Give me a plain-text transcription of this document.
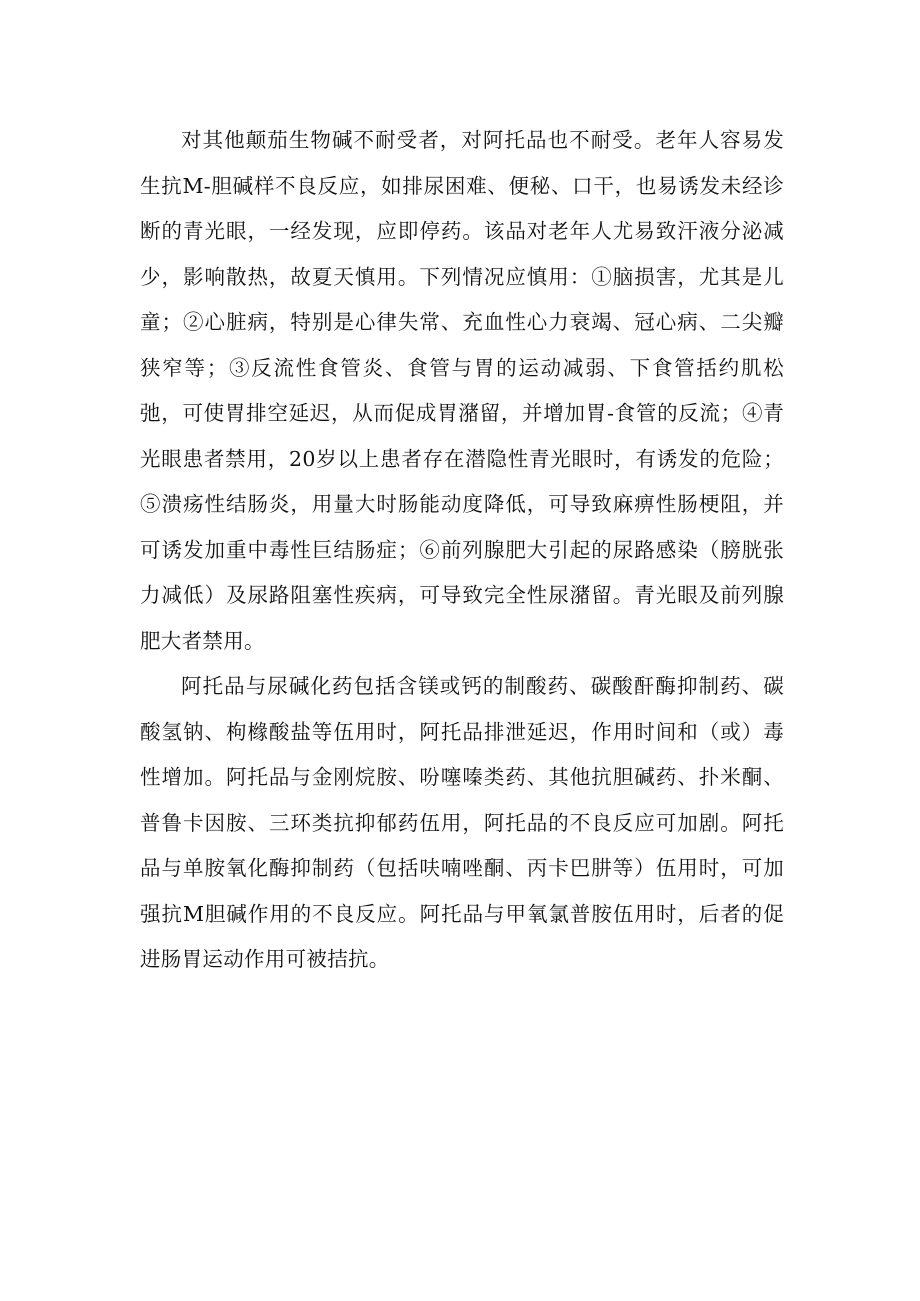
对其他颠茄生物碱不耐受者，对阿托品也不耐受。老年人容易发生抗M-胆碱样不良反应，如排尿困难、便秘、口干，也易诱发未经诊断的青光眼，一经发现，应即停药。该品对老年人尤易致汗液分泌减少，影响散热，故夏天慎用。下列情况应慎用：①脑损害，尤其是儿童；②心脏病，特别是心律失常、充血性心力衰竭、冠心病、二尖瓣狭窄等；③反流性食管炎、食管与胃的运动减弱、下食管括约肌松弛，可使胃排空延迟，从而促成胃潴留，并增加胃-食管的反流；④青光眼患者禁用，20岁以上患者存在潜隐性青光眼时，有诱发的危险；⑤溃疡性结肠炎，用量大时肠能动度降低，可导致麻痹性肠梗阻，并可诱发加重中毒性巨结肠症；⑥前列腺肥大引起的尿路感染（膀胱张力减低）及尿路阻塞性疾病，可导致完全性尿潴留。青光眼及前列腺肥大者禁用。

阿托品与尿碱化药包括含镁或钙的制酸药、碳酸酐酶抑制药、碳酸氢钠、枸橼酸盐等伍用时，阿托品排泄延迟，作用时间和（或）毒性增加。阿托品与金刚烷胺、吩噻嗪类药、其他抗胆碱药、扑米酮、普鲁卡因胺、三环类抗抑郁药伍用，阿托品的不良反应可加剧。阿托品与单胺氧化酶抑制药（包括呋喃唑酮、丙卡巴肼等）伍用时，可加强抗M胆碱作用的不良反应。阿托品与甲氧氯普胺伍用时，后者的促进肠胃运动作用可被拮抗。
